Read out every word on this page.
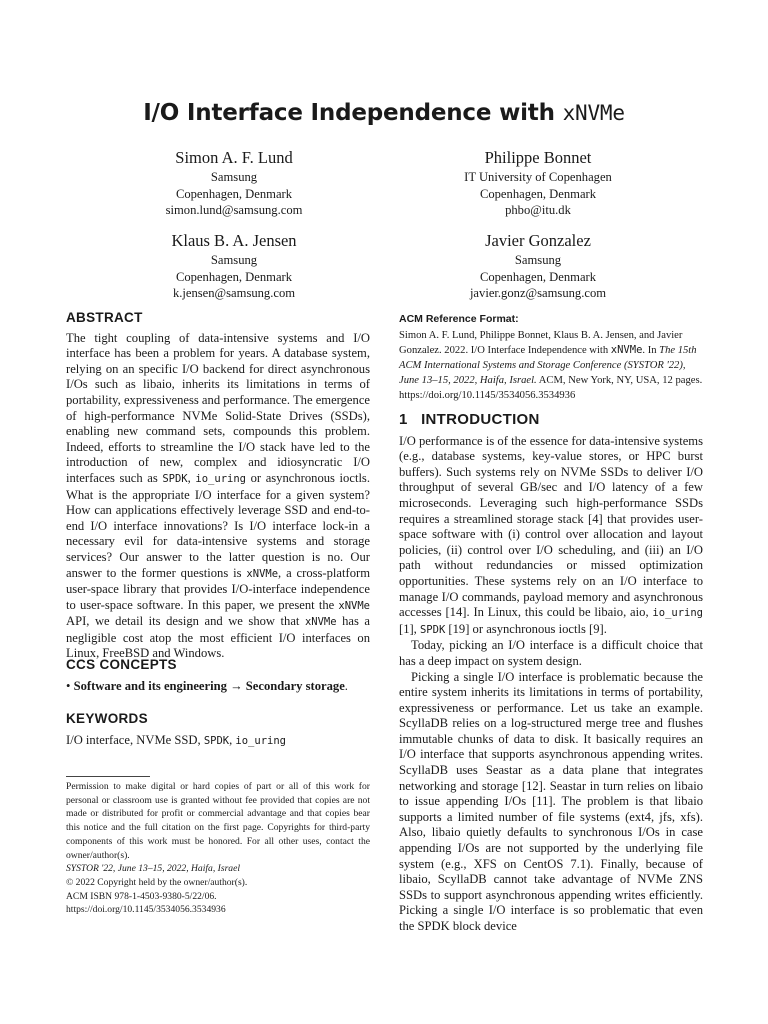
I/O Interface Independence with xNVMe
Simon A. F. Lund
Samsung
Copenhagen, Denmark
simon.lund@samsung.com
Philippe Bonnet
IT University of Copenhagen
Copenhagen, Denmark
phbo@itu.dk
Klaus B. A. Jensen
Samsung
Copenhagen, Denmark
k.jensen@samsung.com
Javier Gonzalez
Samsung
Copenhagen, Denmark
javier.gonz@samsung.com
ABSTRACT

The tight coupling of data-intensive systems and I/O interface has been a problem for years. A database system, relying on an specific I/O backend for direct asynchronous I/Os such as libaio, inherits its limitations in terms of portability, expressiveness and performance. The emergence of high-performance NVMe Solid-State Drives (SSDs), enabling new command sets, compounds this problem. Indeed, efforts to streamline the I/O stack have led to the introduction of new, complex and idiosyncratic I/O interfaces such as SPDK, io_uring or asynchronous ioctls. What is the appropriate I/O interface for a given system? How can applications effectively leverage SSD and end-to-end I/O interface innovations? Is I/O interface lock-in a necessary evil for data-intensive systems and storage services? Our answer to the latter question is no. Our answer to the former questions is xNVMe, a cross-platform user-space library that provides I/O-interface independence to user-space software. In this paper, we present the xNVMe API, we detail its design and we show that xNVMe has a negligible cost atop the most efficient I/O interfaces on Linux, FreeBSD and Windows.

CCS CONCEPTS

• Software and its engineering → Secondary storage.

KEYWORDS

I/O interface, NVMe SSD, SPDK, io_uring

Permission to make digital or hard copies of part or all of this work for personal or classroom use is granted without fee provided that copies are not made or distributed for profit or commercial advantage and that copies bear this notice and the full citation on the first page. Copyrights for third-party components of this work must be honored. For all other uses, contact the owner/author(s).

SYSTOR '22, June 13–15, 2022, Haifa, Israel

© 2022 Copyright held by the owner/author(s).

ACM ISBN 978-1-4503-9380-5/22/06.

https://doi.org/10.1145/3534056.3534936

ACM Reference Format:

Simon A. F. Lund, Philippe Bonnet, Klaus B. A. Jensen, and Javier Gonzalez. 2022. I/O Interface Independence with xNVMe. In The 15th ACM International Systems and Storage Conference (SYSTOR '22), June 13–15, 2022, Haifa, Israel. ACM, New York, NY, USA, 12 pages. https://doi.org/10.1145/3534056.3534936

1 INTRODUCTION

I/O performance is of the essence for data-intensive systems (e.g., database systems, key-value stores, or HPC burst buffers). Such systems rely on NVMe SSDs to deliver I/O throughput of several GB/sec and I/O latency of a few microseconds. Leveraging such high-performance SSDs requires a streamlined storage stack [4] that provides user-space software with (i) control over allocation and layout policies, (ii) control over I/O scheduling, and (iii) an I/O path without redundancies or missed optimization opportunities. These systems rely on an I/O interface to manage I/O commands, payload memory and asynchronous accesses [14]. In Linux, this could be libaio, aio, io_uring [1], SPDK [19] or asynchronous ioctls [9].

Today, picking an I/O interface is a difficult choice that has a deep impact on system design.

Picking a single I/O interface is problematic because the entire system inherits its limitations in terms of portability, expressiveness or performance. Let us take an example. ScyllaDB relies on a log-structured merge tree and flushes immutable chunks of data to disk. It basically requires an I/O interface that supports asynchronous appending writes. ScyllaDB uses Seastar as a data plane that integrates networking and storage [12]. Seastar in turn relies on libaio to issue appending I/Os [11]. The problem is that libaio supports a limited number of file systems (ext4, jfs, xfs). Also, libaio quietly defaults to synchronous I/Os in case appending I/Os are not supported by the underlying file system (e.g., XFS on CentOS 7.1). Finally, because of libaio, ScyllaDB cannot take advantage of NVMe ZNS SSDs to support asynchronous appending writes efficiently. Picking a single I/O interface is so problematic that even the SPDK block device
